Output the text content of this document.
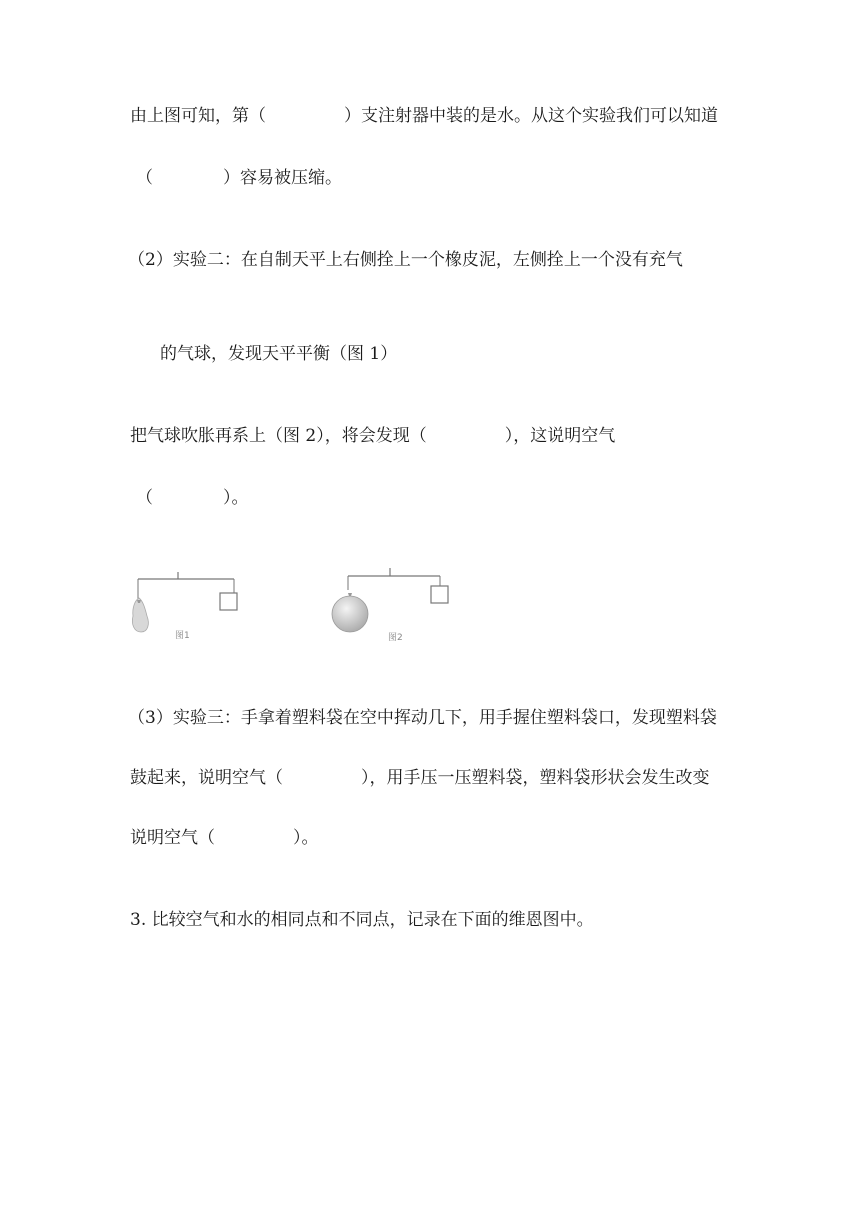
由上图可知，第（	）支注射器中装的是水。从这个实验我们可以知道
（	）容易被压缩。
（2）实验二：在自制天平上右侧拴上一个橡皮泥，左侧拴上一个没有充气
的气球，发现天平平衡（图 1）
把气球吹胀再系上（图 2），将会发现（	），这说明空气
（	）。
图1	图2
（3）实验三：手拿着塑料袋在空中挥动几下，用手握住塑料袋口，发现塑料袋
鼓起来，说明空气（	），用手压一压塑料袋，塑料袋形状会发生改变
说明空气（	）。
3. 比较空气和水的相同点和不同点，记录在下面的维恩图中。
